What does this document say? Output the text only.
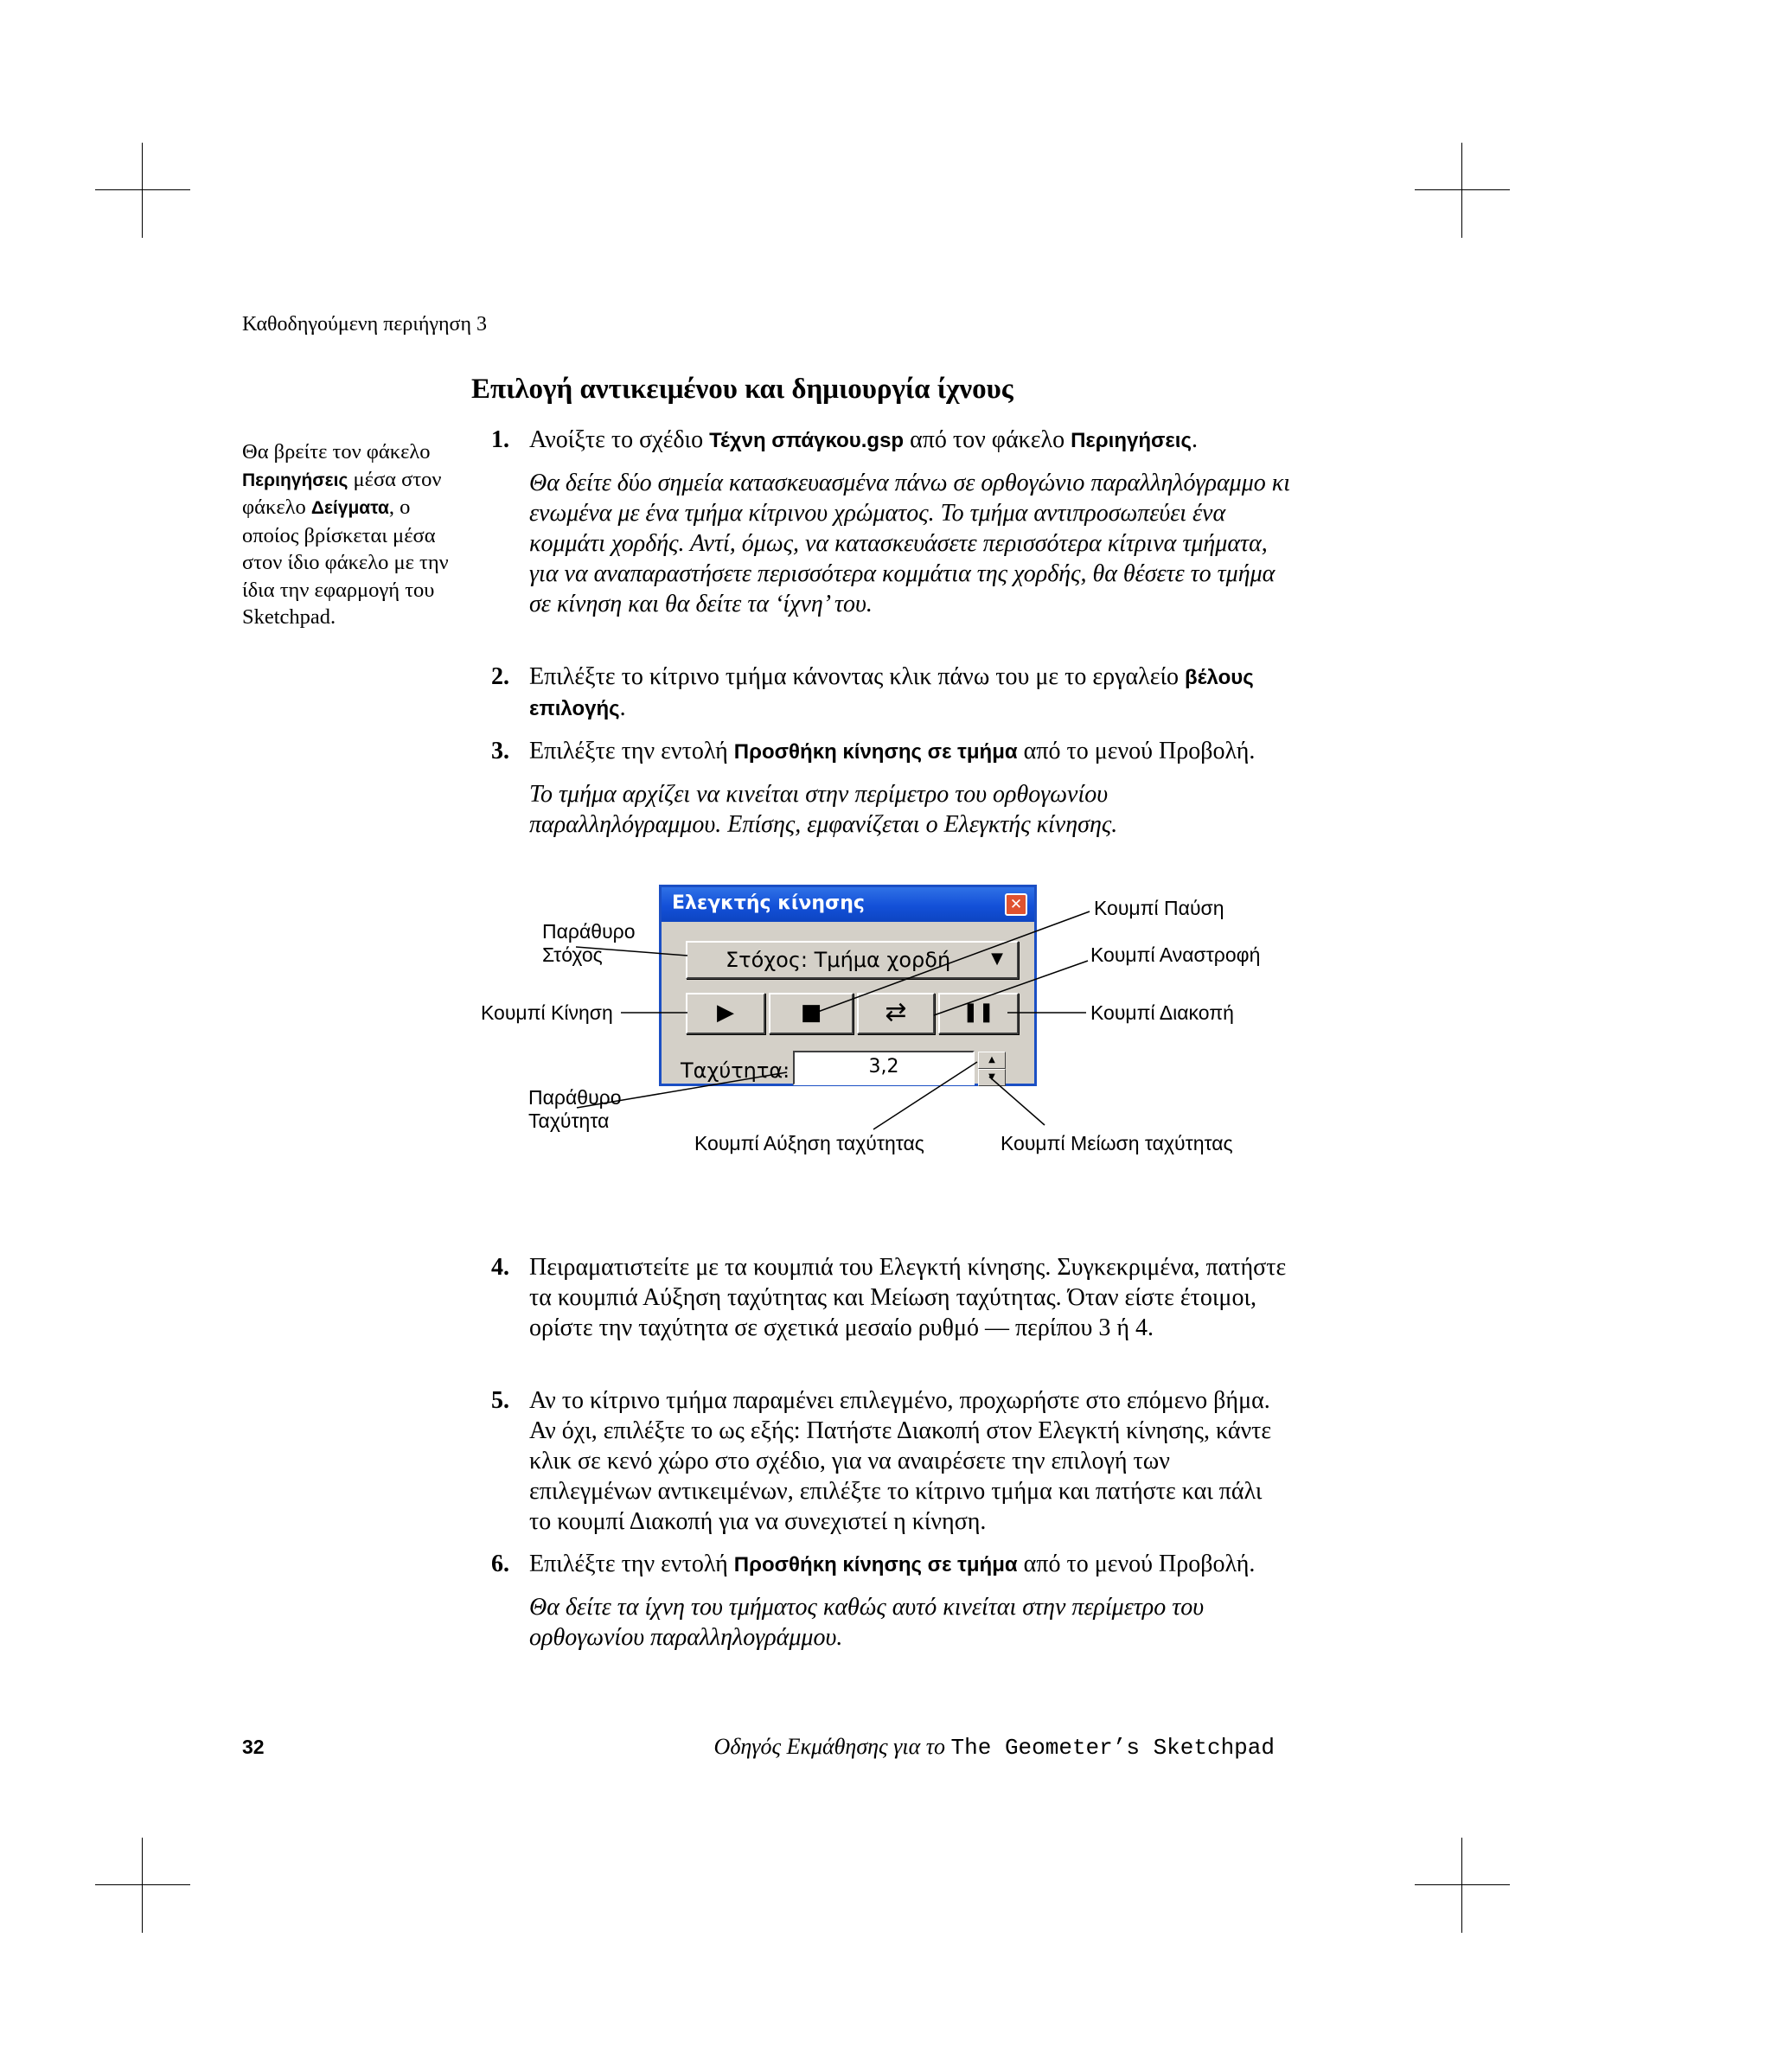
Καθοδηγούμενη περιήγηση 3
Επιλογή αντικειμένου και δημιουργία ίχνους
Θα βρείτε τον φάκελο Περιηγήσεις μέσα στον φάκελο Δείγματα, ο οποίος βρίσκεται μέσα στον ίδιο φάκελο με την ίδια την εφαρμογή του Sketchpad.
1. Ανοίξτε το σχέδιο Τέχνη σπάγκου.gsp από τον φάκελο Περιηγήσεις.
Θα δείτε δύο σημεία κατασκευασμένα πάνω σε ορθογώνιο παραλληλόγραμμο κι ενωμένα με ένα τμήμα κίτρινου χρώματος. Το τμήμα αντιπροσωπεύει ένα κομμάτι χορδής. Αντί, όμως, να κατασκευάσετε περισσότερα κίτρινα τμήματα, για να αναπαραστήσετε περισσότερα κομμάτια της χορδής, θα θέσετε το τμήμα σε κίνηση και θα δείτε τα ‘ίχνη’ του.
2. Επιλέξτε το κίτρινο τμήμα κάνοντας κλικ πάνω του με το εργαλείο βέλους επιλογής.
3. Επιλέξτε την εντολή Προσθήκη κίνησης σε τμήμα από το μενού Προβολή.
Το τμήμα αρχίζει να κινείται στην περίμετρο του ορθογωνίου παραλληλόγραμμου. Επίσης, εμφανίζεται ο Ελεγκτής κίνησης.
Ελεγκτής κίνησης	✕
Στόχος: Τμήμα χορδή	▼
▶	■	⇄	❚❚
Ταχύτητα:	3,2	▲
▼
Παράθυρο
Στόχος
Κουμπί Κίνηση
Παράθυρο
Ταχύτητα
Κουμπί Παύση
Κουμπί Αναστροφή
Κουμπί Διακοπή
Κουμπί Αύξηση ταχύτητας	Κουμπί Μείωση ταχύτητας
4. Πειραματιστείτε με τα κουμπιά του Ελεγκτή κίνησης. Συγκεκριμένα, πατήστε τα κουμπιά Αύξηση ταχύτητας και Μείωση ταχύτητας. Όταν είστε έτοιμοι, ορίστε την ταχύτητα σε σχετικά μεσαίο ρυθμό — περίπου 3 ή 4.
5. Αν το κίτρινο τμήμα παραμένει επιλεγμένο, προχωρήστε στο επόμενο βήμα. Αν όχι, επιλέξτε το ως εξής: Πατήστε Διακοπή στον Ελεγκτή κίνησης, κάντε κλικ σε κενό χώρο στο σχέδιο, για να αναιρέσετε την επιλογή των επιλεγμένων αντικειμένων, επιλέξτε το κίτρινο τμήμα και πατήστε και πάλι το κουμπί Διακοπή για να συνεχιστεί η κίνηση.
6. Επιλέξτε την εντολή Προσθήκη κίνησης σε τμήμα από το μενού Προβολή.
Θα δείτε τα ίχνη του τμήματος καθώς αυτό κινείται στην περίμετρο του ορθογωνίου παραλληλογράμμου.
32	Οδηγός Εκμάθησης για το The Geometer’s Sketchpad
